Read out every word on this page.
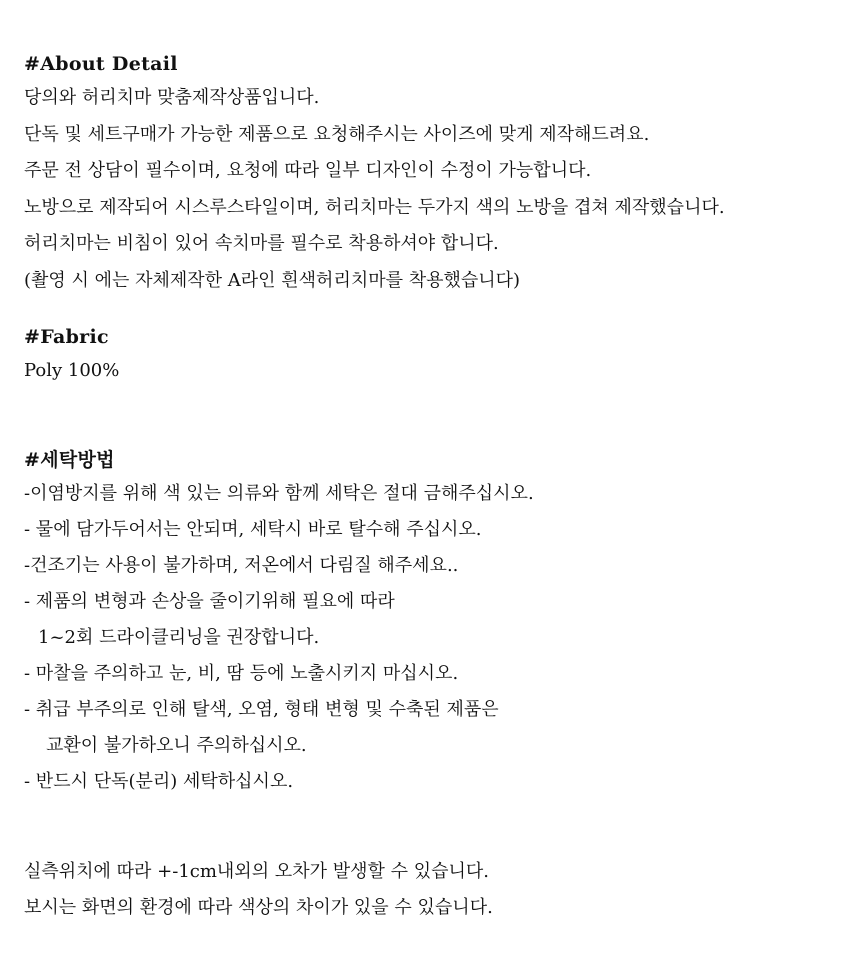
#About Detail
당의와 허리치마 맞춤제작상품입니다.
단독 및 세트구매가 가능한 제품으로 요청해주시는 사이즈에 맞게 제작해드려요.
주문 전 상담이 필수이며, 요청에 따라 일부 디자인이 수정이 가능합니다.
노방으로 제작되어 시스루스타일이며, 허리치마는 두가지 색의 노방을 겹쳐 제작했습니다.
허리치마는 비침이 있어 속치마를 필수로 착용하셔야 합니다.
(촬영 시 에는 자체제작한 A라인 흰색허리치마를 착용했습니다)
#Fabric
Poly 100%
#세탁방법
-이염방지를 위해 색 있는 의류와 함께 세탁은 절대 금해주십시오.
- 물에 담가두어서는 안되며, 세탁시 바로 탈수해 주십시오.
-건조기는 사용이 불가하며, 저온에서 다림질 해주세요..
- 제품의 변형과 손상을 줄이기위해 필요에 따라
1~2회 드라이클리닝을 권장합니다.
- 마찰을 주의하고 눈, 비, 땀 등에 노출시키지 마십시오.
- 취급 부주의로 인해 탈색, 오염, 형태 변형 및 수축된 제품은
교환이 불가하오니 주의하십시오.
- 반드시 단독(분리) 세탁하십시오.
실측위치에 따라 +-1cm내외의 오차가 발생할 수 있습니다.
보시는 화면의 환경에 따라 색상의 차이가 있을 수 있습니다.
